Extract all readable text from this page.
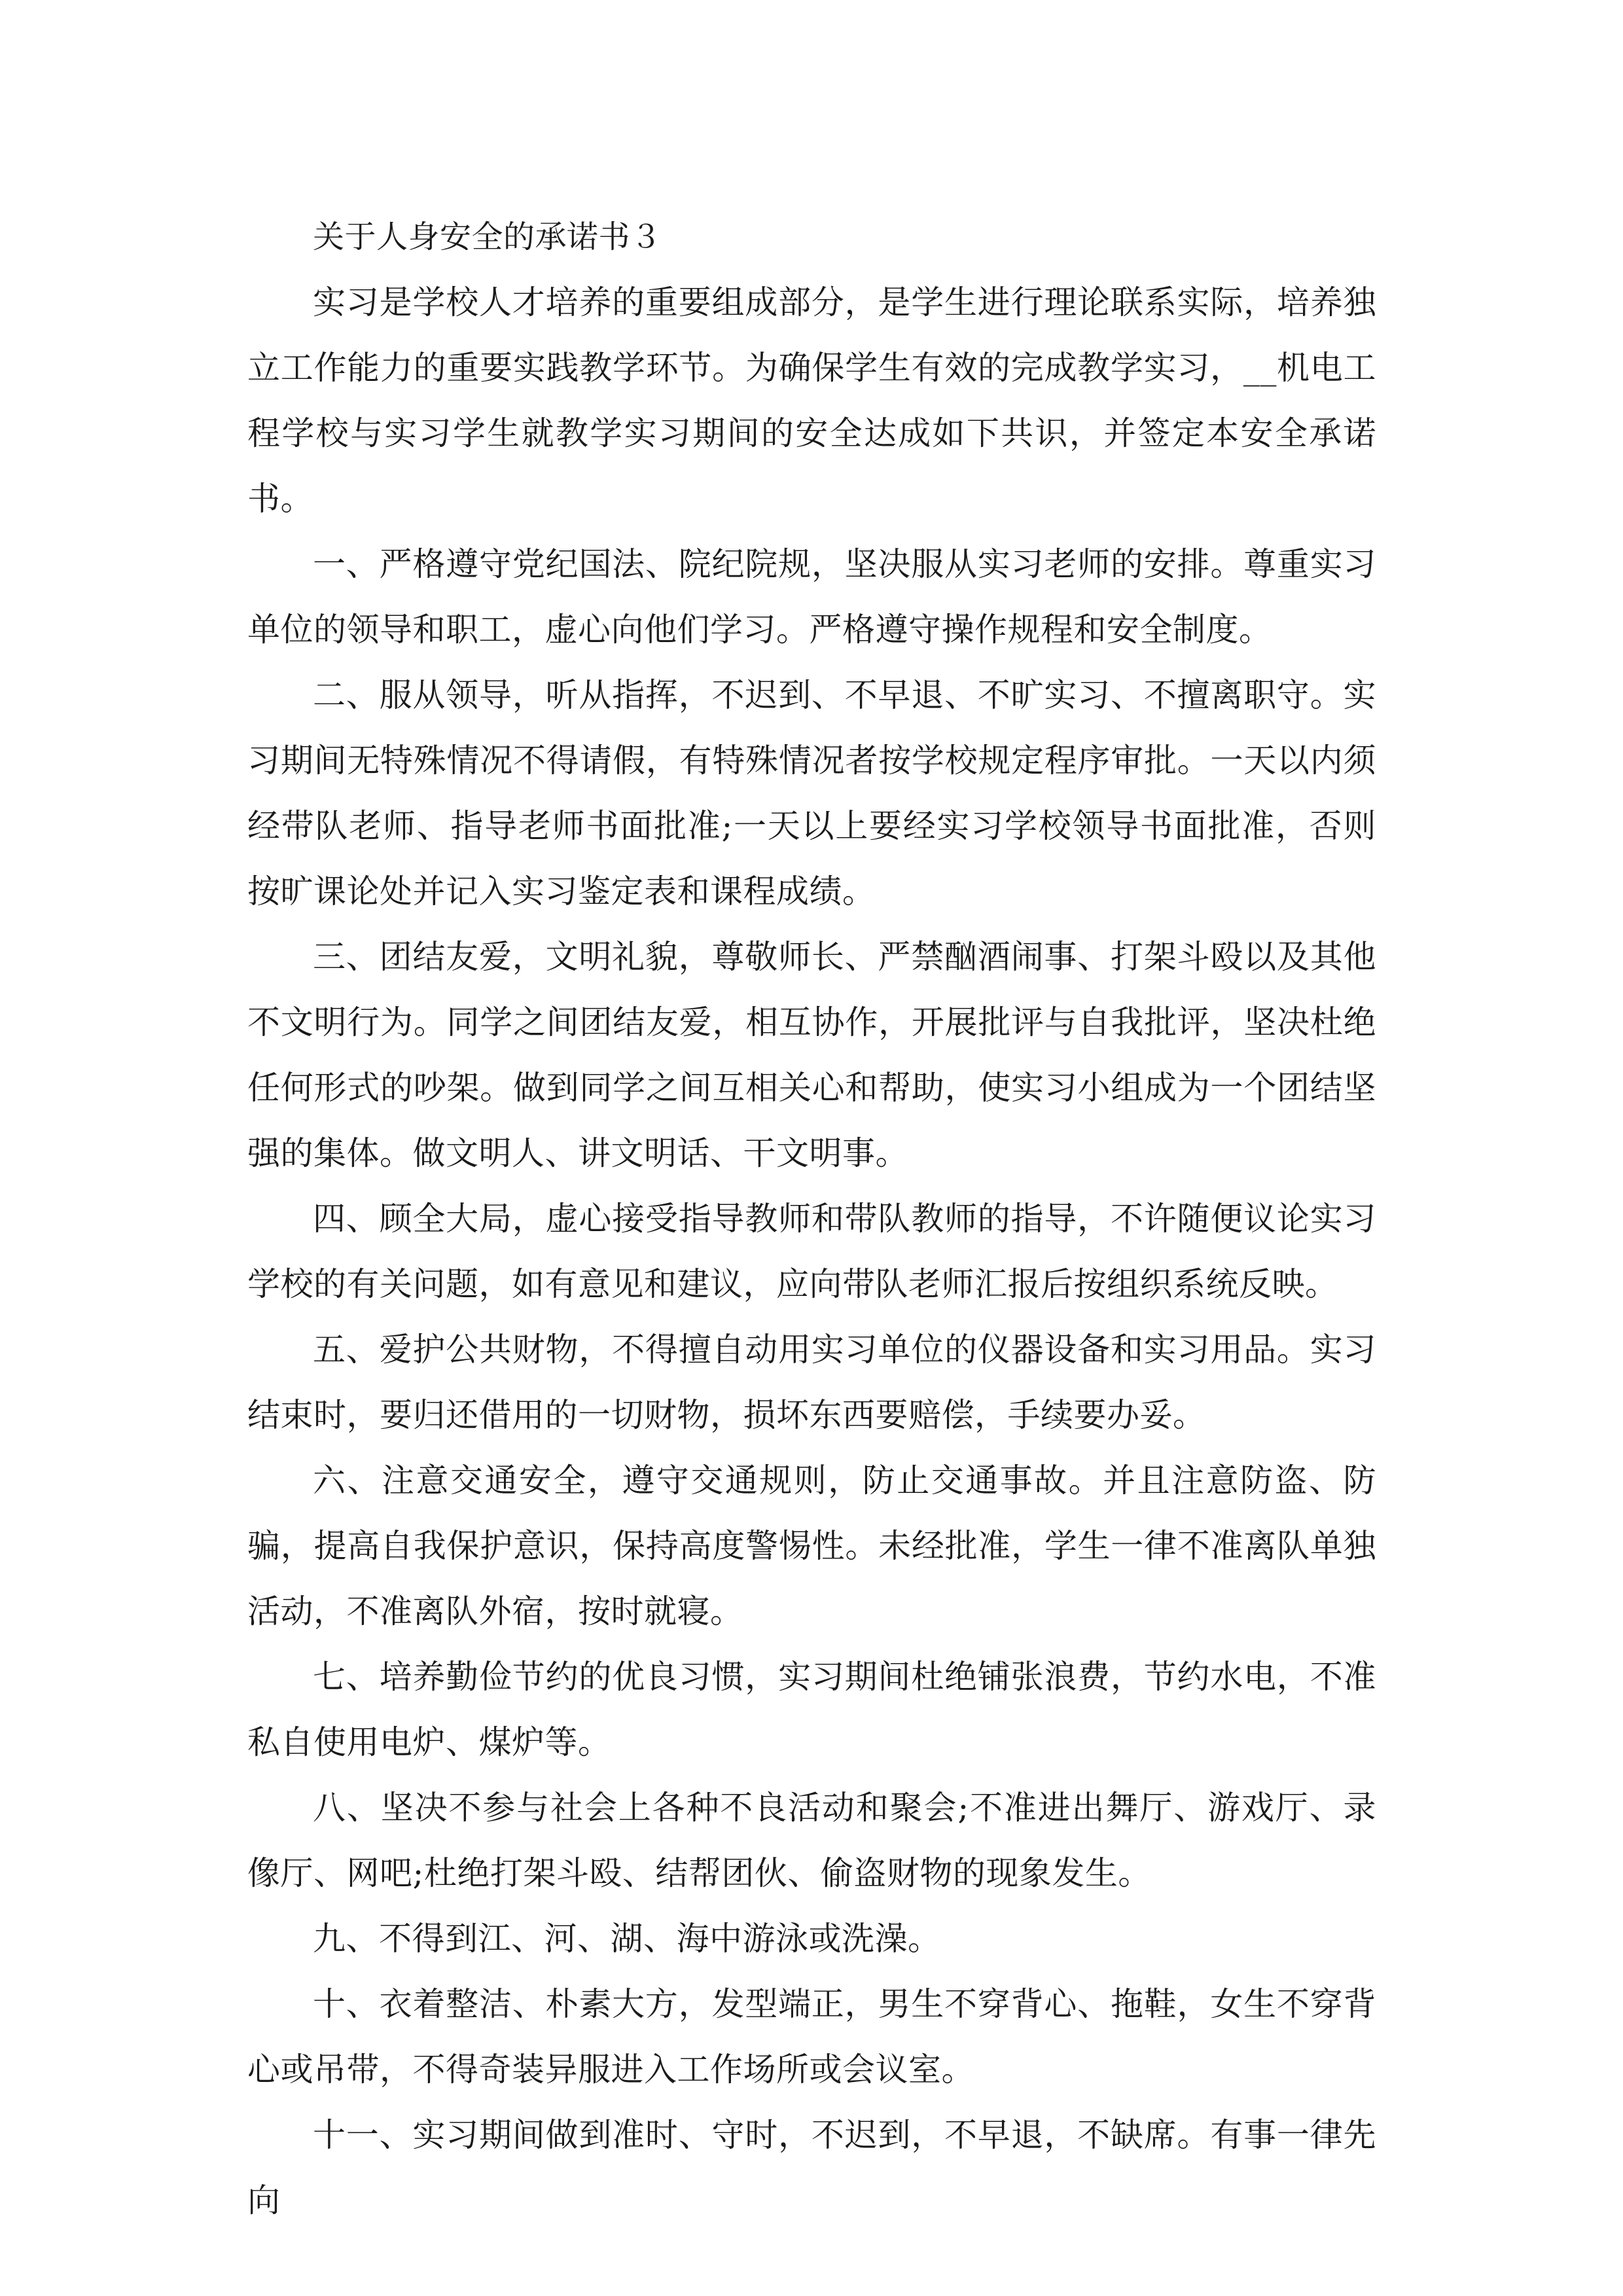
关于人身安全的承诺书３

实习是学校人才培养的重要组成部分，是学生进行理论联系实际，培养独立工作能力的重要实践教学环节。为确保学生有效的完成教学实习，__机电工程学校与实习学生就教学实习期间的安全达成如下共识，并签定本安全承诺书。

一、严格遵守党纪国法、院纪院规，坚决服从实习老师的安排。尊重实习单位的领导和职工，虚心向他们学习。严格遵守操作规程和安全制度。

二、服从领导，听从指挥，不迟到、不早退、不旷实习、不擅离职守。实习期间无特殊情况不得请假，有特殊情况者按学校规定程序审批。一天以内须经带队老师、指导老师书面批准;一天以上要经实习学校领导书面批准，否则按旷课论处并记入实习鉴定表和课程成绩。

三、团结友爱，文明礼貌，尊敬师长、严禁酗酒闹事、打架斗殴以及其他不文明行为。同学之间团结友爱，相互协作，开展批评与自我批评，坚决杜绝任何形式的吵架。做到同学之间互相关心和帮助，使实习小组成为一个团结坚强的集体。做文明人、讲文明话、干文明事。

四、顾全大局，虚心接受指导教师和带队教师的指导，不许随便议论实习学校的有关问题，如有意见和建议，应向带队老师汇报后按组织系统反映。

五、爱护公共财物，不得擅自动用实习单位的仪器设备和实习用品。实习结束时，要归还借用的一切财物，损坏东西要赔偿，手续要办妥。

六、注意交通安全，遵守交通规则，防止交通事故。并且注意防盗、防骗，提高自我保护意识，保持高度警惕性。未经批准，学生一律不准离队单独活动，不准离队外宿，按时就寝。

七、培养勤俭节约的优良习惯，实习期间杜绝铺张浪费，节约水电，不准私自使用电炉、煤炉等。

八、坚决不参与社会上各种不良活动和聚会;不准进出舞厅、游戏厅、录像厅、网吧;杜绝打架斗殴、结帮团伙、偷盗财物的现象发生。

九、不得到江、河、湖、海中游泳或洗澡。

十、衣着整洁、朴素大方，发型端正，男生不穿背心、拖鞋，女生不穿背心或吊带，不得奇装异服进入工作场所或会议室。

十一、实习期间做到准时、守时，不迟到，不早退，不缺席。有事一律先向
